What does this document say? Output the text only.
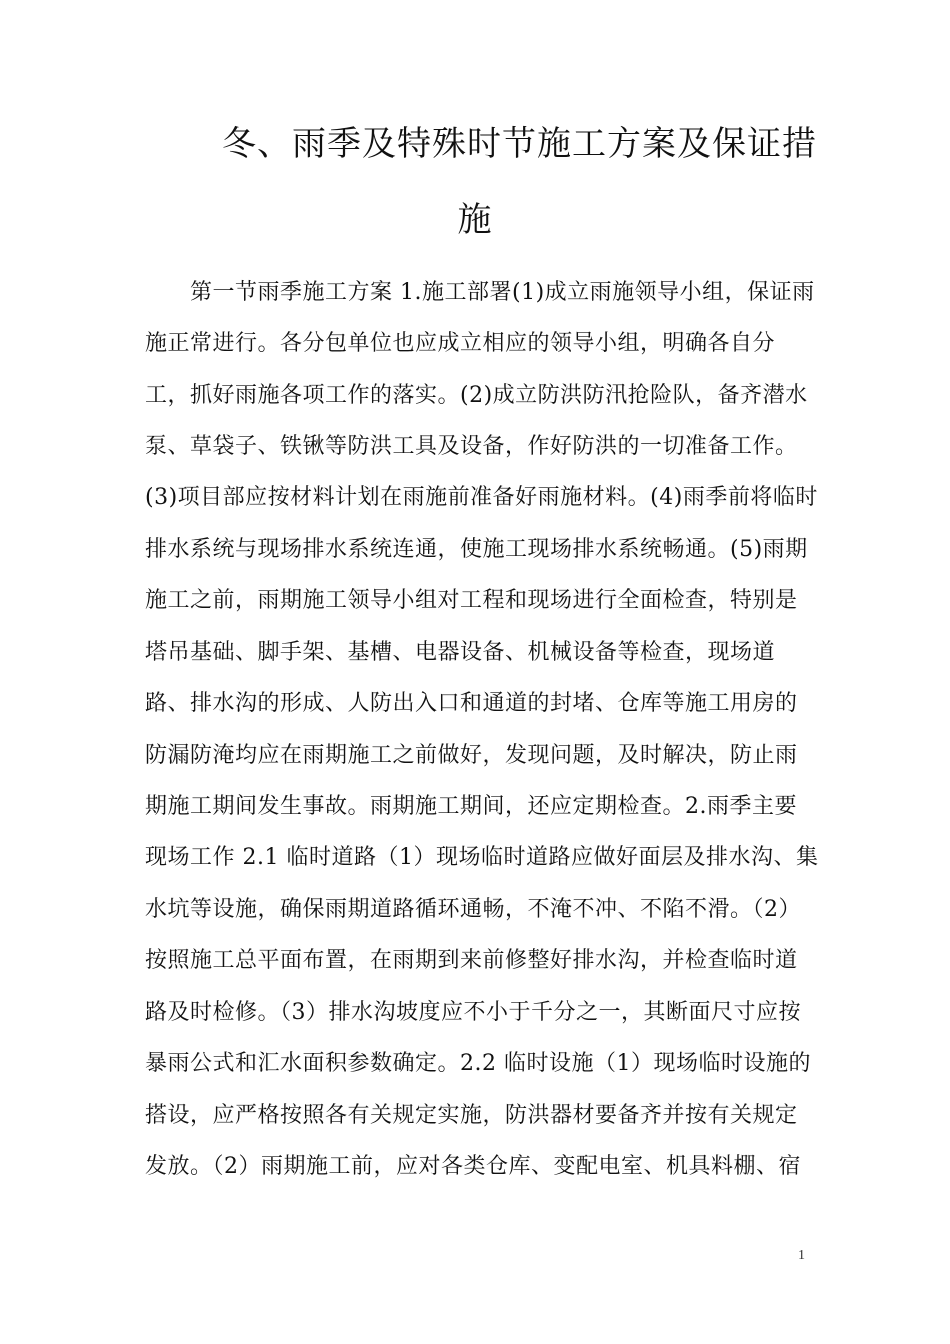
冬、雨季及特殊时节施工方案及保证措
施
第一节雨季施工方案 1.施工部署(1)成立雨施领导小组，保证雨
施正常进行。各分包单位也应成立相应的领导小组，明确各自分
工，抓好雨施各项工作的落实。(2)成立防洪防汛抢险队，备齐潜水
泵、草袋子、铁锹等防洪工具及设备，作好防洪的一切准备工作。
(3)项目部应按材料计划在雨施前准备好雨施材料。(4)雨季前将临时
排水系统与现场排水系统连通，使施工现场排水系统畅通。(5)雨期
施工之前，雨期施工领导小组对工程和现场进行全面检查，特别是
塔吊基础、脚手架、基槽、电器设备、机械设备等检查，现场道
路、排水沟的形成、人防出入口和通道的封堵、仓库等施工用房的
防漏防淹均应在雨期施工之前做好，发现问题，及时解决，防止雨
期施工期间发生事故。雨期施工期间，还应定期检查。2.雨季主要
现场工作 2.1 临时道路（1）现场临时道路应做好面层及排水沟、集
水坑等设施，确保雨期道路循环通畅，不淹不冲、不陷不滑。（2）
按照施工总平面布置，在雨期到来前修整好排水沟，并检查临时道
路及时检修。（3）排水沟坡度应不小于千分之一，其断面尺寸应按
暴雨公式和汇水面积参数确定。2.2 临时设施（1）现场临时设施的
搭设，应严格按照各有关规定实施，防洪器材要备齐并按有关规定
发放。（2）雨期施工前，应对各类仓库、变配电室、机具料棚、宿
1
